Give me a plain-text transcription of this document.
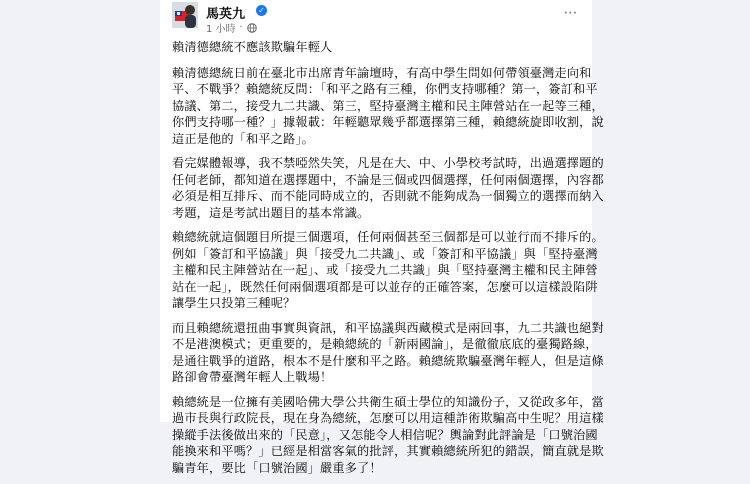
馬英九 ✓
1 小時 ·
⋯

賴清德總統不應該欺騙年輕人

賴清德總統日前在臺北市出席青年論壇時，有高中學生問如何帶領臺灣走向和
平、不戰爭？賴總統反問：「和平之路有三種，你們支持哪種？第一，簽訂和平
協議、第二，接受九二共識、第三，堅持臺灣主權和民主陣營站在一起等三種，
你們支持哪一種？」據報載：年輕聽眾幾乎都選擇第三種，賴總統旋即收割，說
這正是他的「和平之路」。

看完媒體報導，我不禁啞然失笑，凡是在大、中、小學校考試時，出過選擇題的
任何老師，都知道在選擇題中，不論是三個或四個選擇，任何兩個選擇，內容都
必須是相互排斥、而不能同時成立的，否則就不能夠成為一個獨立的選擇而納入
考題，這是考試出題目的基本常識。

賴總統就這個題目所提三個選項，任何兩個甚至三個都是可以並行而不排斥的。
例如「簽訂和平協議」與「接受九二共識」、或「簽訂和平協議」與「堅持臺灣
主權和民主陣營站在一起」、或「接受九二共識」與「堅持臺灣主權和民主陣營
站在一起」，既然任何兩個選項都是可以並存的正確答案，怎麼可以這樣設陷阱
讓學生只投第三種呢？

而且賴總統還扭曲事實與資訊，和平協議與西藏模式是兩回事，九二共識也絕對
不是港澳模式；更重要的，是賴總統的「新兩國論」，是徹徹底底的臺獨路線，
是通往戰爭的道路，根本不是什麼和平之路。賴總統欺騙臺灣年輕人，但是這條
路卻會帶臺灣年輕人上戰場！

賴總統是一位擁有美國哈佛大學公共衛生碩士學位的知識份子，又從政多年，當
過市長與行政院長，現在身為總統，怎麼可以用這種詐術欺騙高中生呢？用這樣
操縱手法後做出來的「民意」，又怎能令人相信呢？輿論對此評論是「口號治國
能換來和平嗎？」已經是相當客氣的批評，其實賴總統所犯的錯誤，簡直就是欺
騙青年，要比「口號治國」嚴重多了！
